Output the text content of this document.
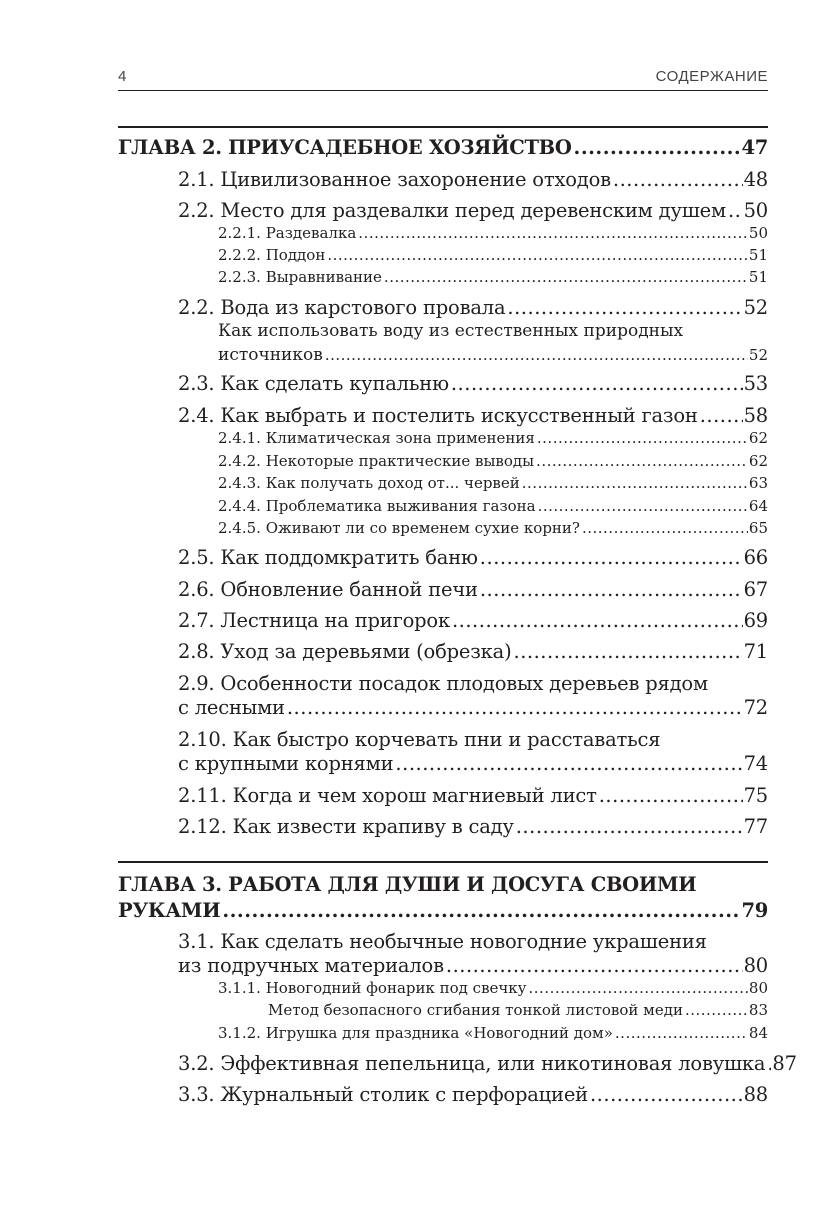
4	СОДЕРЖАНИЕ
ГЛАВА 2. ПРИУСАДЕБНОЕ ХОЗЯЙСТВО .....	47
2.1. Цивилизованное захоронение отходов .....	48
2.2. Место для раздевалки перед деревенским душем ..... 50
2.2.1. Раздевалка .....	50
2.2.2. Поддон .....	51
2.2.3. Выравнивание .....	51
2.2. Вода из карстового провала .....	52
Как использовать воду из естественных природных
источников .....	52
2.3. Как сделать купальню .....	53
2.4. Как выбрать и постелить искусственный газон ..... 58
2.4.1. Климатическая зона применения .....	62
2.4.2. Некоторые практические выводы .....	62
2.4.3. Как получать доход от... червей .....	63
2.4.4. Проблематика выживания газона .....	64
2.4.5. Оживают ли со временем сухие корни? .....	65
2.5. Как поддомкратить баню .....	66
2.6. Обновление банной печи .....	67
2.7. Лестница на пригорок .....	69
2.8. Уход за деревьями (обрезка) .....	71
2.9. Особенности посадок плодовых деревьев рядом
с лесными .....	72
2.10. Как быстро корчевать пни и расставаться
с крупными корнями .....	74
2.11. Когда и чем хорош магниевый лист .....	75
2.12. Как извести крапиву в саду .....	77
ГЛАВА 3. РАБОТА ДЛЯ ДУШИ И ДОСУГА СВОИМИ
РУКАМИ .....	79
3.1. Как сделать необычные новогодние украшения
из подручных материалов .....	80
3.1.1. Новогодний фонарик под свечку .....	80
Метод безопасного сгибания тонкой листовой меди .....	83
3.1.2. Игрушка для праздника «Новогодний дом» .....	84
3.2. Эффективная пепельница, или никотиновая ловушка ..... 87
3.3. Журнальный столик с перфорацией .....	88
